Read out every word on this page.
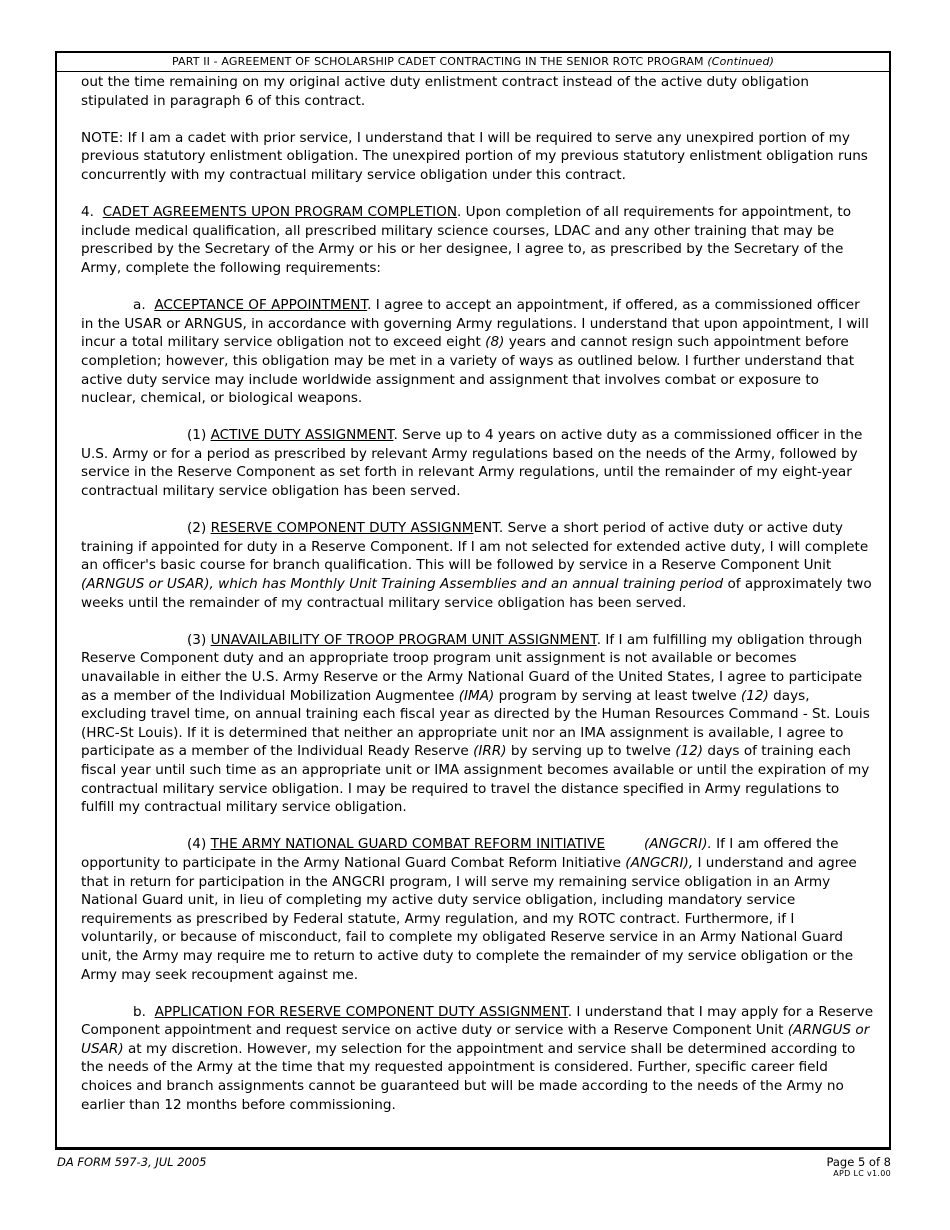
PART II - AGREEMENT OF SCHOLARSHIP CADET CONTRACTING IN THE SENIOR ROTC PROGRAM (Continued)

out the time remaining on my original active duty enlistment contract instead of the active duty obligation stipulated in paragraph 6 of this contract.

NOTE: If I am a cadet with prior service, I understand that I will be required to serve any unexpired portion of my previous statutory enlistment obligation. The unexpired portion of my previous statutory enlistment obligation runs concurrently with my contractual military service obligation under this contract.

4. CADET AGREEMENTS UPON PROGRAM COMPLETION. Upon completion of all requirements for appointment, to include medical qualification, all prescribed military science courses, LDAC and any other training that may be prescribed by the Secretary of the Army or his or her designee, I agree to, as prescribed by the Secretary of the Army, complete the following requirements:

a. ACCEPTANCE OF APPOINTMENT. I agree to accept an appointment, if offered, as a commissioned officer in the USAR or ARNGUS, in accordance with governing Army regulations. I understand that upon appointment, I will incur a total military service obligation not to exceed eight (8) years and cannot resign such appointment before completion; however, this obligation may be met in a variety of ways as outlined below. I further understand that active duty service may include worldwide assignment and assignment that involves combat or exposure to nuclear, chemical, or biological weapons.

(1) ACTIVE DUTY ASSIGNMENT. Serve up to 4 years on active duty as a commissioned officer in the U.S. Army or for a period as prescribed by relevant Army regulations based on the needs of the Army, followed by service in the Reserve Component as set forth in relevant Army regulations, until the remainder of my eight-year contractual military service obligation has been served.

(2) RESERVE COMPONENT DUTY ASSIGNMENT. Serve a short period of active duty or active duty training if appointed for duty in a Reserve Component. If I am not selected for extended active duty, I will complete an officer's basic course for branch qualification. This will be followed by service in a Reserve Component Unit (ARNGUS or USAR), which has Monthly Unit Training Assemblies and an annual training period of approximately two weeks until the remainder of my contractual military service obligation has been served.

(3) UNAVAILABILITY OF TROOP PROGRAM UNIT ASSIGNMENT. If I am fulfilling my obligation through Reserve Component duty and an appropriate troop program unit assignment is not available or becomes unavailable in either the U.S. Army Reserve or the Army National Guard of the United States, I agree to participate as a member of the Individual Mobilization Augmentee (IMA) program by serving at least twelve (12) days, excluding travel time, on annual training each fiscal year as directed by the Human Resources Command - St. Louis (HRC-St Louis). If it is determined that neither an appropriate unit nor an IMA assignment is available, I agree to participate as a member of the Individual Ready Reserve (IRR) by serving up to twelve (12) days of training each fiscal year until such time as an appropriate unit or IMA assignment becomes available or until the expiration of my contractual military service obligation. I may be required to travel the distance specified in Army regulations to fulfill my contractual military service obligation.

(4) THE ARMY NATIONAL GUARD COMBAT REFORM INITIATIVE	(ANGCRI). If I am offered the opportunity to participate in the Army National Guard Combat Reform Initiative (ANGCRI), I understand and agree that in return for participation in the ANGCRI program, I will serve my remaining service obligation in an Army National Guard unit, in lieu of completing my active duty service obligation, including mandatory service requirements as prescribed by Federal statute, Army regulation, and my ROTC contract. Furthermore, if I voluntarily, or because of misconduct, fail to complete my obligated Reserve service in an Army National Guard unit, the Army may require me to return to active duty to complete the remainder of my service obligation or the Army may seek recoupment against me.

b. APPLICATION FOR RESERVE COMPONENT DUTY ASSIGNMENT. I understand that I may apply for a Reserve Component appointment and request service on active duty or service with a Reserve Component Unit (ARNGUS or USAR) at my discretion. However, my selection for the appointment and service shall be determined according to the needs of the Army at the time that my requested appointment is considered. Further, specific career field choices and branch assignments cannot be guaranteed but will be made according to the needs of the Army no earlier than 12 months before commissioning.

DA FORM 597-3, JUL 2005	Page 5 of 8
APD LC v1.00
